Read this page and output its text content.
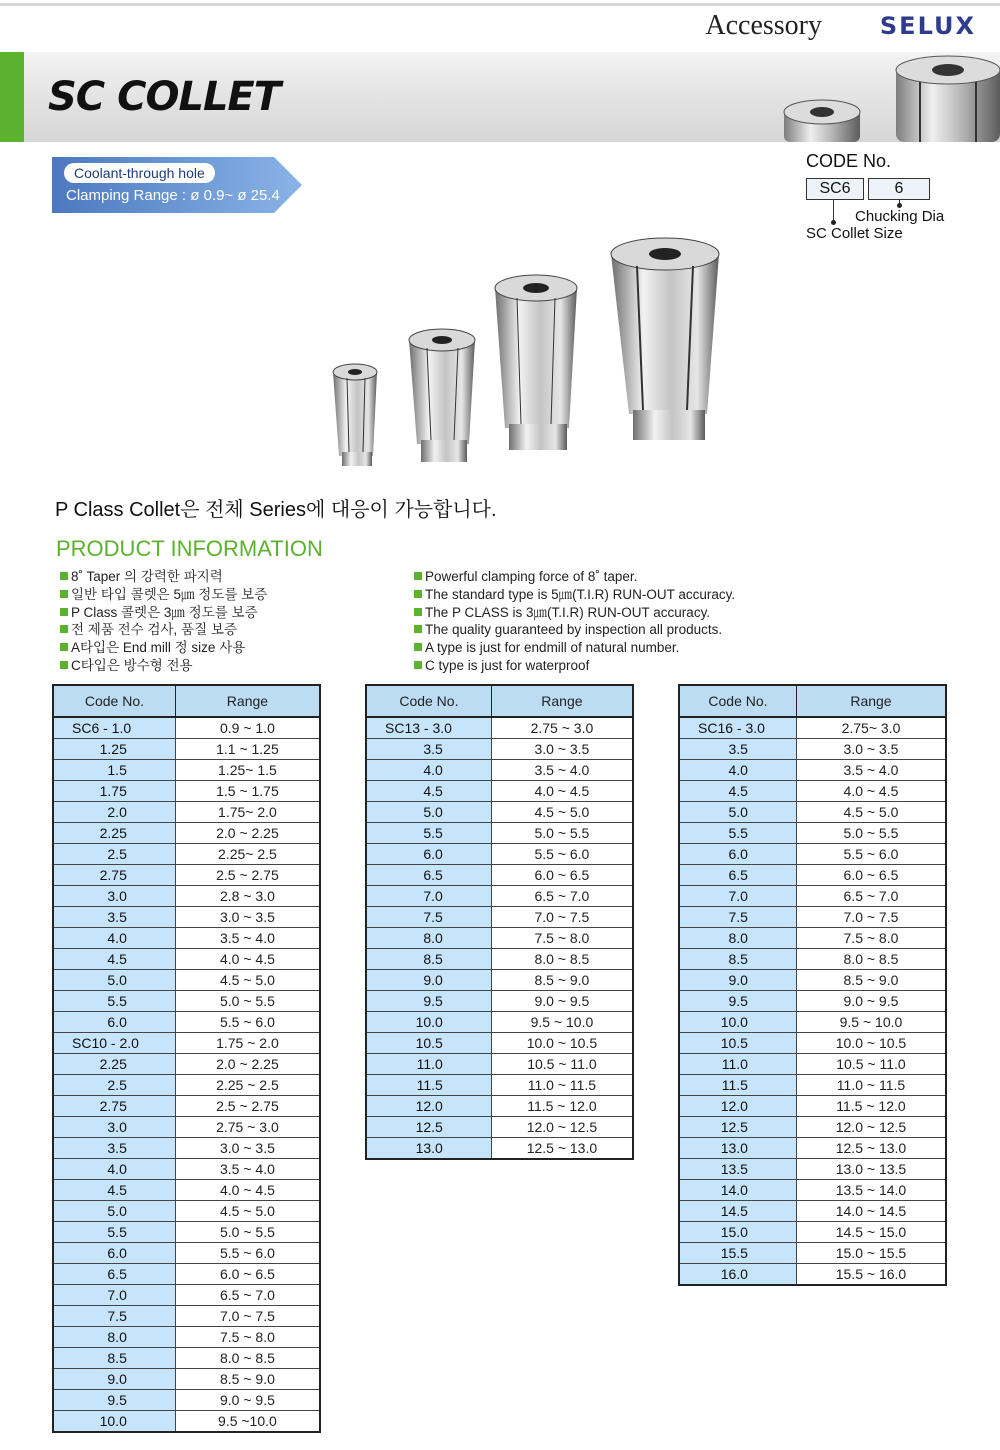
Accessory SELUX
SC COLLET
Coolant-through hole
Clamping Range : ø 0.9~ ø 25.4
CODE No.
SC6	6
Chucking Dia
SC Collet Size
P Class Collet은 전체 Series에 대응이 가능합니다.
PRODUCT INFORMATION
8˚ Taper 의 강력한 파지력
일반 타입 콜렛은 5㎛ 정도를 보증
P Class 콜렛은 3㎛ 정도를 보증
전 제품 전수 검사, 품질 보증
A타입은 End mill 정 size 사용
C타입은 방수형 전용
Powerful clamping force of 8˚ taper.
The standard type is 5㎛(T.I.R) RUN-OUT accuracy.
The P CLASS is 3㎛(T.I.R) RUN-OUT accuracy.
The quality guaranteed by inspection all products.
A type is just for endmill of natural number.
C type is just for waterproof
Code No.	Range
SC6 - 1.0	0.9 ~ 1.0
1.25	1.1 ~ 1.25
1.5	1.25~ 1.5
1.75	1.5 ~ 1.75
2.0	1.75~ 2.0
2.25	2.0 ~ 2.25
2.5	2.25~ 2.5
2.75	2.5 ~ 2.75
3.0	2.8 ~ 3.0
3.5	3.0 ~ 3.5
4.0	3.5 ~ 4.0
4.5	4.0 ~ 4.5
5.0	4.5 ~ 5.0
5.5	5.0 ~ 5.5
6.0	5.5 ~ 6.0
SC10 - 2.0	1.75 ~ 2.0
2.25	2.0 ~ 2.25
2.5	2.25 ~ 2.5
2.75	2.5 ~ 2.75
3.0	2.75 ~ 3.0
3.5	3.0 ~ 3.5
4.0	3.5 ~ 4.0
4.5	4.0 ~ 4.5
5.0	4.5 ~ 5.0
5.5	5.0 ~ 5.5
6.0	5.5 ~ 6.0
6.5	6.0 ~ 6.5
7.0	6.5 ~ 7.0
7.5	7.0 ~ 7.5
8.0	7.5 ~ 8.0
8.5	8.0 ~ 8.5
9.0	8.5 ~ 9.0
9.5	9.0 ~ 9.5
10.0	9.5 ~10.0
Code No.	Range
SC13 - 3.0	2.75 ~ 3.0
3.5	3.0 ~ 3.5
4.0	3.5 ~ 4.0
4.5	4.0 ~ 4.5
5.0	4.5 ~ 5.0
5.5	5.0 ~ 5.5
6.0	5.5 ~ 6.0
6.5	6.0 ~ 6.5
7.0	6.5 ~ 7.0
7.5	7.0 ~ 7.5
8.0	7.5 ~ 8.0
8.5	8.0 ~ 8.5
9.0	8.5 ~ 9.0
9.5	9.0 ~ 9.5
10.0	9.5 ~ 10.0
10.5	10.0 ~ 10.5
11.0	10.5 ~ 11.0
11.5	11.0 ~ 11.5
12.0	11.5 ~ 12.0
12.5	12.0 ~ 12.5
13.0	12.5 ~ 13.0
Code No.	Range
SC16 - 3.0	2.75~ 3.0
3.5	3.0 ~ 3.5
4.0	3.5 ~ 4.0
4.5	4.0 ~ 4.5
5.0	4.5 ~ 5.0
5.5	5.0 ~ 5.5
6.0	5.5 ~ 6.0
6.5	6.0 ~ 6.5
7.0	6.5 ~ 7.0
7.5	7.0 ~ 7.5
8.0	7.5 ~ 8.0
8.5	8.0 ~ 8.5
9.0	8.5 ~ 9.0
9.5	9.0 ~ 9.5
10.0	9.5 ~ 10.0
10.5	10.0 ~ 10.5
11.0	10.5 ~ 11.0
11.5	11.0 ~ 11.5
12.0	11.5 ~ 12.0
12.5	12.0 ~ 12.5
13.0	12.5 ~ 13.0
13.5	13.0 ~ 13.5
14.0	13.5 ~ 14.0
14.5	14.0 ~ 14.5
15.0	14.5 ~ 15.0
15.5	15.0 ~ 15.5
16.0	15.5 ~ 16.0
